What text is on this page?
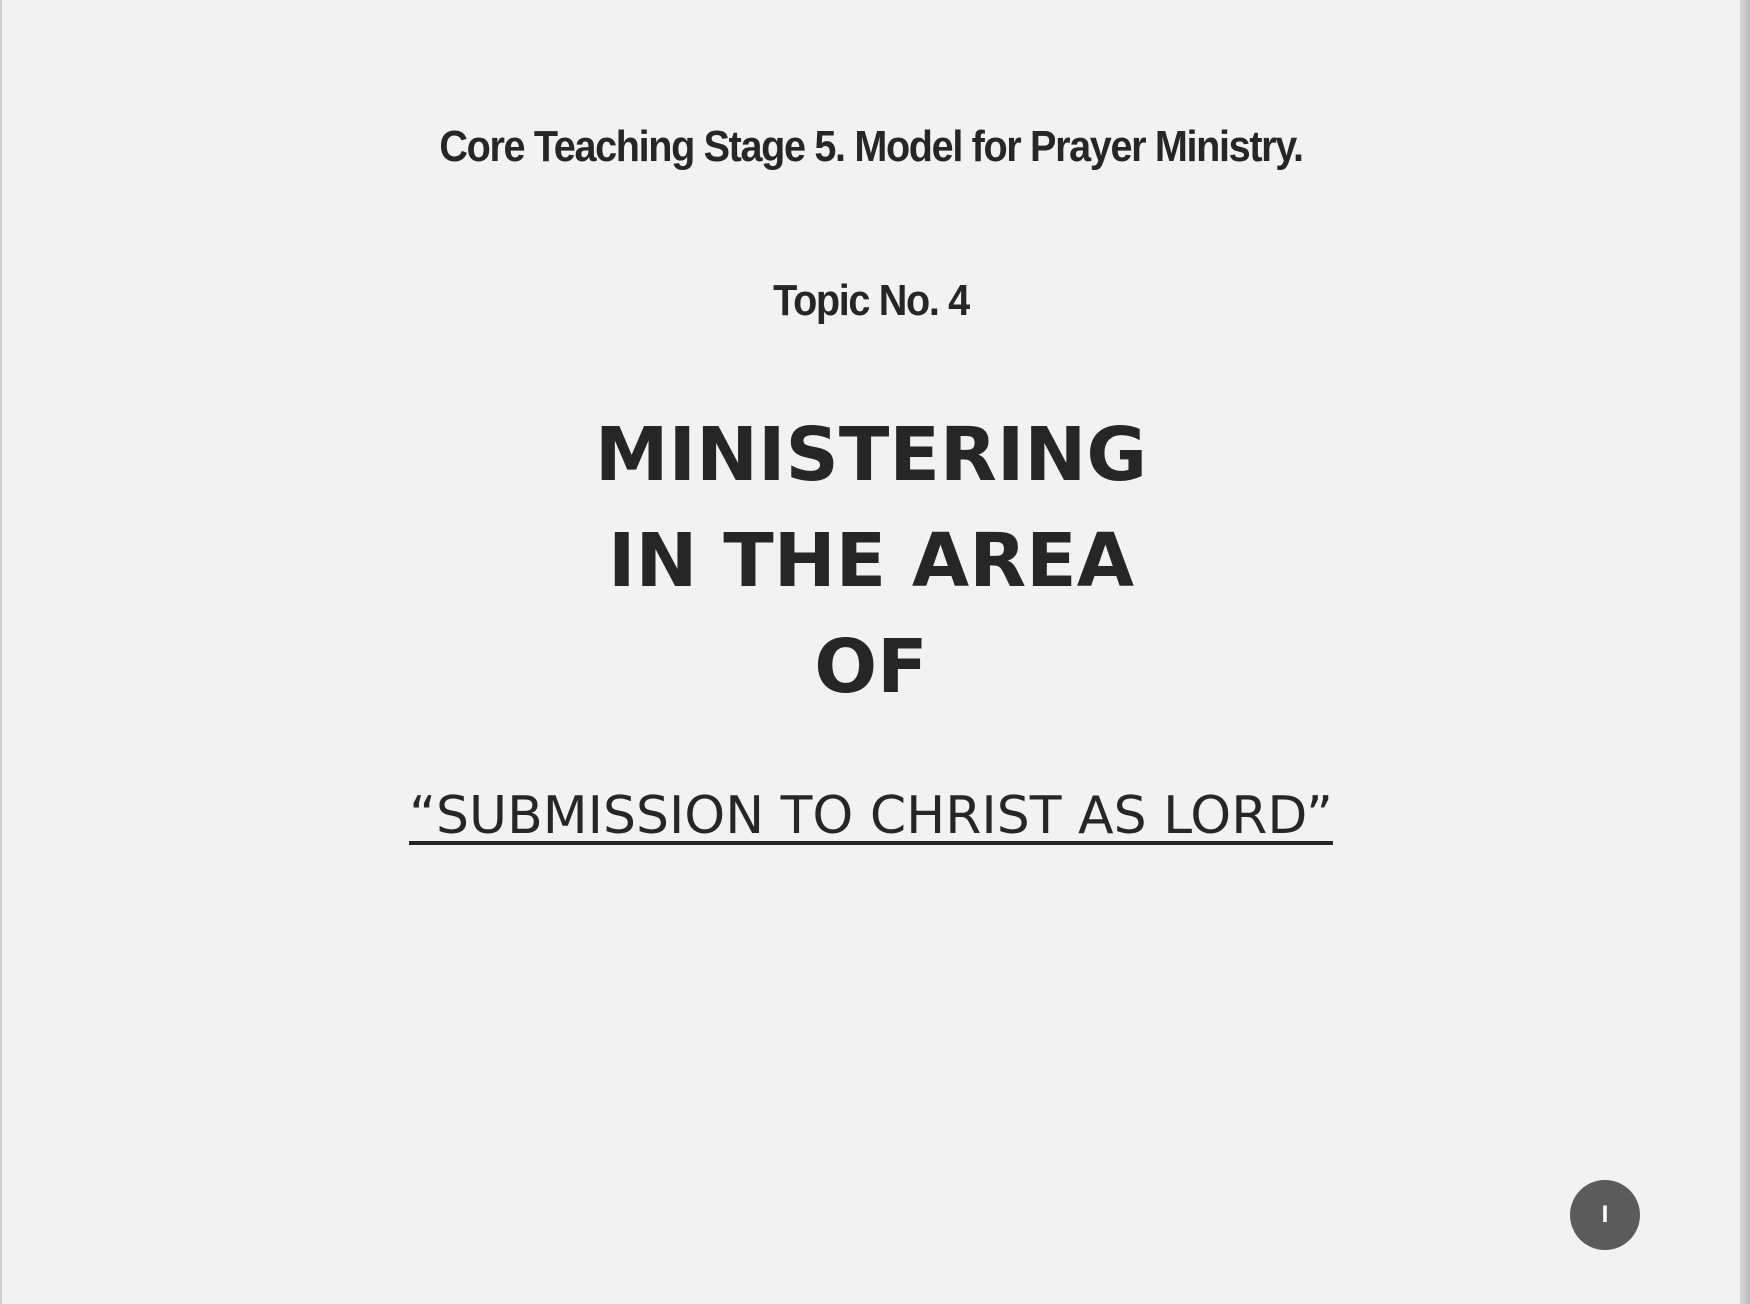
Core Teaching Stage 5. Model for Prayer Ministry.
Topic No. 4
MINISTERING
IN THE AREA
OF
“SUBMISSION TO CHRIST AS LORD”
I
